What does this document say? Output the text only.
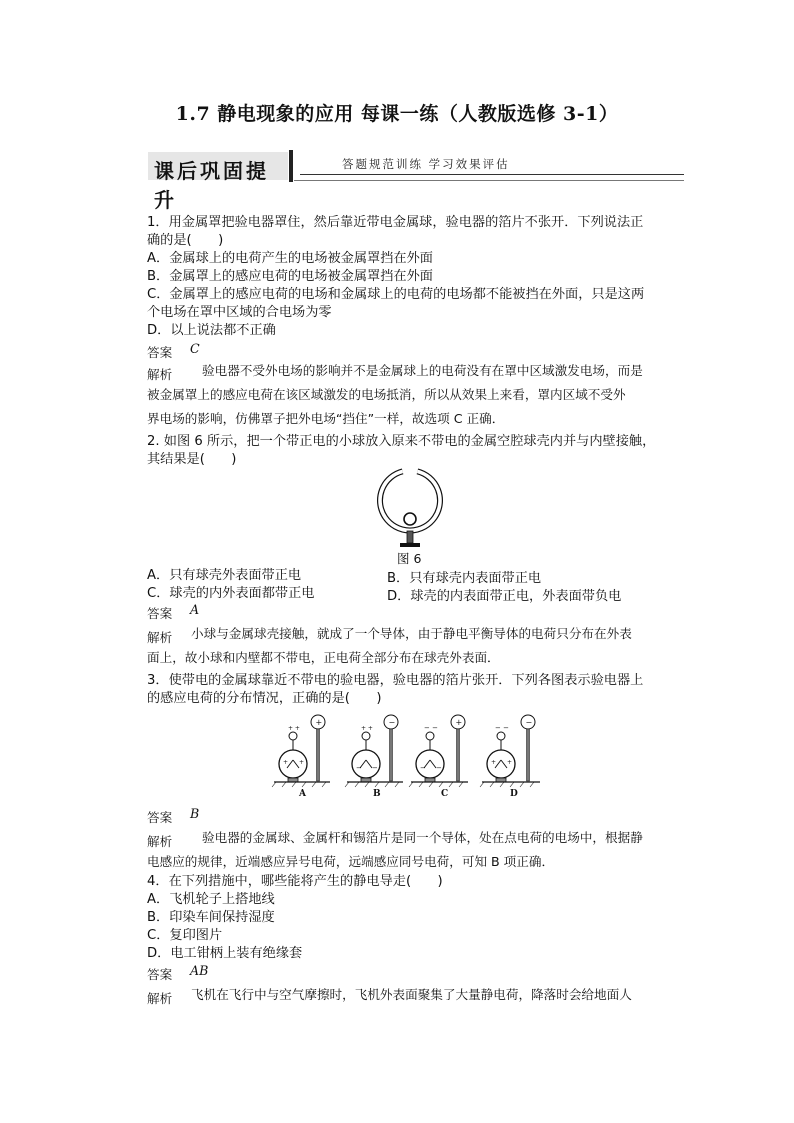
1.7 静电现象的应用 每课一练（人教版选修 3-1）
课后巩固提升
答题规范训练 学习效果评估
1．用金属罩把验电器罩住，然后靠近带电金属球，验电器的箔片不张开．下列说法正
确的是(　　)
A．金属球上的电荷产生的电场被金属罩挡在外面
B．金属罩上的感应电荷的电场被金属罩挡在外面
C．金属罩上的感应电荷的电场和金属球上的电荷的电场都不能被挡在外面，只是这两
个电场在罩中区域的合电场为零
D．以上说法都不正确
答案 C
解析 验电器不受外电场的影响并不是金属球上的电荷没有在罩中区域激发电场，而是
被金属罩上的感应电荷在该区域激发的电场抵消，所以从效果上来看，罩内区域不受外
界电场的影响，仿佛罩子把外电场“挡住”一样，故选项 C 正确．
2. 如图 6 所示，把一个带正电的小球放入原来不带电的金属空腔球壳内并与内壁接触，
其结果是(　　)
图 6
A．只有球壳外表面带正电	B．只有球壳内表面带正电
C．球壳的内外表面都带正电	D．球壳的内表面带正电，外表面带负电
答案 A
解析 小球与金属球壳接触，就成了一个导体，由于静电平衡导体的电荷只分布在外表
面上，故小球和内壁都不带电，正电荷全部分布在球壳外表面．
3．使带电的金属球靠近不带电的验电器，验电器的箔片张开．下列各图表示验电器上
的感应电荷的分布情况，正确的是(　　)
+ +
+ +
+
+ +
− −
−
− −
− −
+
− −
+ +
−
A	B	C	D
答案 B
解析 验电器的金属球、金属杆和锡箔片是同一个导体，处在点电荷的电场中，根据静
电感应的规律，近端感应异号电荷，远端感应同号电荷，可知 B 项正确．
4．在下列措施中，哪些能将产生的静电导走(　　)
A．飞机轮子上搭地线
B．印染车间保持湿度
C．复印图片
D．电工钳柄上装有绝缘套
答案 AB
解析 飞机在飞行中与空气摩擦时，飞机外表面聚集了大量静电荷，降落时会给地面人
